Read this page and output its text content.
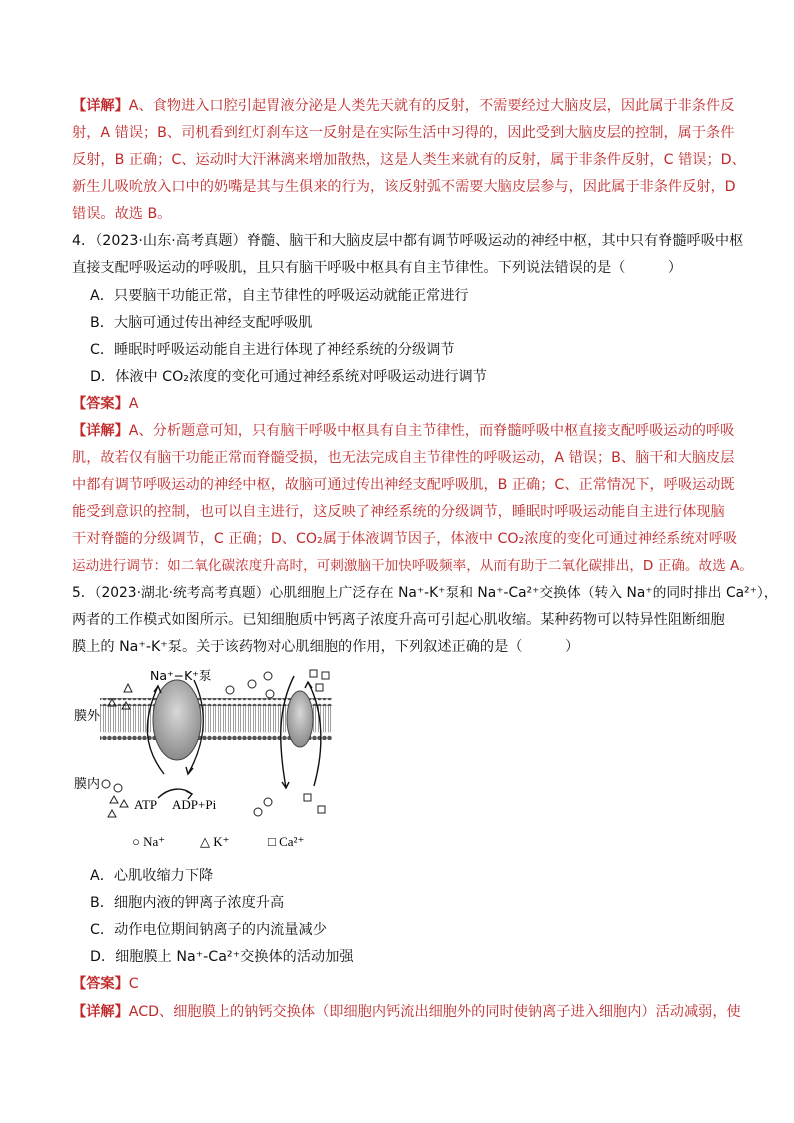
【详解】A、食物进入口腔引起胃液分泌是人类先天就有的反射，不需要经过大脑皮层，因此属于非条件反
射，A 错误；B、司机看到红灯刹车这一反射是在实际生活中习得的，因此受到大脑皮层的控制，属于条件
反射，B 正确；C、运动时大汗淋漓来增加散热，这是人类生来就有的反射，属于非条件反射，C 错误；D、
新生儿吸吮放入口中的奶嘴是其与生俱来的行为，该反射弧不需要大脑皮层参与，因此属于非条件反射，D
错误。故选 B。
4．（2023·山东·高考真题）脊髓、脑干和大脑皮层中都有调节呼吸运动的神经中枢，其中只有脊髓呼吸中枢
直接支配呼吸运动的呼吸肌，且只有脑干呼吸中枢具有自主节律性。下列说法错误的是（　　　）
A．只要脑干功能正常，自主节律性的呼吸运动就能正常进行
B．大脑可通过传出神经支配呼吸肌
C．睡眠时呼吸运动能自主进行体现了神经系统的分级调节
D．体液中 CO₂浓度的变化可通过神经系统对呼吸运动进行调节
【答案】A
【详解】A、分析题意可知，只有脑干呼吸中枢具有自主节律性，而脊髓呼吸中枢直接支配呼吸运动的呼吸
肌，故若仅有脑干功能正常而脊髓受损，也无法完成自主节律性的呼吸运动，A 错误；B、脑干和大脑皮层
中都有调节呼吸运动的神经中枢，故脑可通过传出神经支配呼吸肌，B 正确；C、正常情况下，呼吸运动既
能受到意识的控制，也可以自主进行，这反映了神经系统的分级调节，睡眠时呼吸运动能自主进行体现脑
干对脊髓的分级调节，C 正确；D、CO₂属于体液调节因子，体液中 CO₂浓度的变化可通过神经系统对呼吸
运动进行调节：如二氧化碳浓度升高时，可刺激脑干加快呼吸频率，从而有助于二氧化碳排出，D 正确。故选 A。
5．（2023·湖北·统考高考真题）心肌细胞上广泛存在 Na⁺-K⁺泵和 Na⁺-Ca²⁺交换体（转入 Na⁺的同时排出 Ca²⁺），
两者的工作模式如图所示。已知细胞质中钙离子浓度升高可引起心肌收缩。某种药物可以特异性阻断细胞
膜上的 Na⁺-K⁺泵。关于该药物对心肌细胞的作用，下列叙述正确的是（　　　）
膜外
膜内
Na⁺−K⁺泵
ATP ADP+Pi
○ Na⁺	△ K⁺	□ Ca²⁺
A．心肌收缩力下降
B．细胞内液的钾离子浓度升高
C．动作电位期间钠离子的内流量减少
D．细胞膜上 Na⁺-Ca²⁺交换体的活动加强
【答案】C
【详解】ACD、细胞膜上的钠钙交换体（即细胞内钙流出细胞外的同时使钠离子进入细胞内）活动减弱，使
